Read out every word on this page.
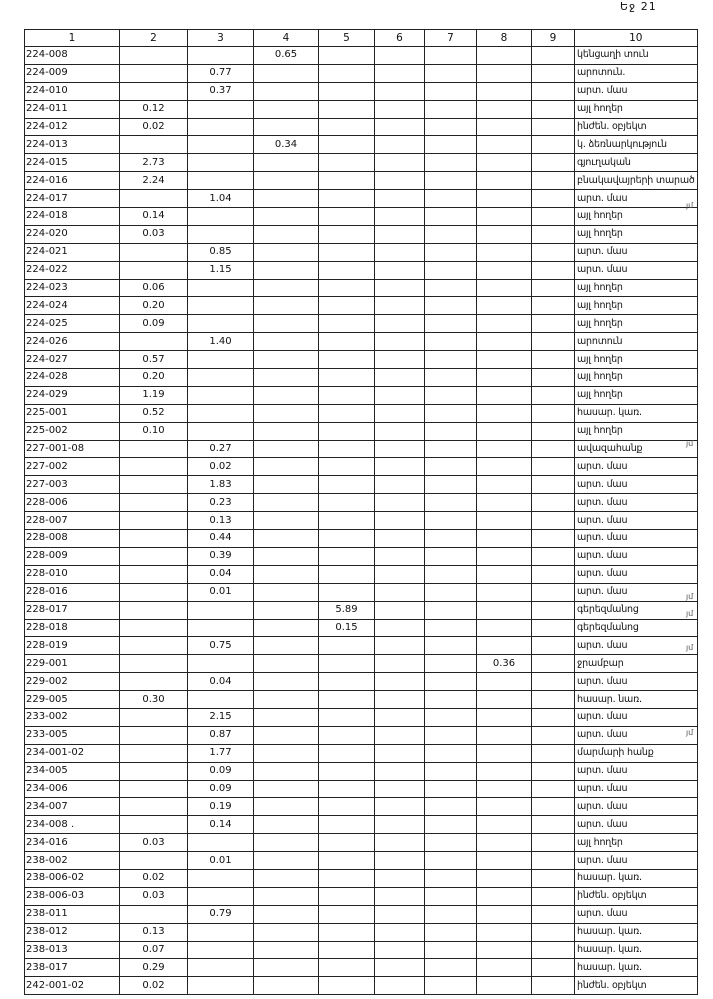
Եջ 21
1	2	3	4	5	6	7	8	9	10
224-008			0.65						կենցաղի տուն
224-009		0.77							արոտուն.
224-010		0.37							արտ. մաս
224-011	0.12								այլ հողեր
224-012	0.02								ինժեն. օբյեկտ
224-013			0.34						կ. ձեռնարկություն
224-015	2.73								գյուղական
224-016	2.24								բնակավայրերի տարած
224-017		1.04							արտ. մաս
224-018	0.14								այլ հողեր
224-020	0.03								այլ հողեր
224-021		0.85							արտ. մաս
224-022		1.15							արտ. մաս
224-023	0.06								այլ հողեր
224-024	0.20								այլ հողեր
224-025	0.09								այլ հողեր
224-026		1.40							արոտուն
224-027	0.57								այլ հողեր
224-028	0.20								այլ հողեր
224-029	1.19								այլ հողեր
225-001	0.52								հասար. կառ.
225-002	0.10								այլ հողեր
227-001-08		0.27							ավազահանք
227-002		0.02							արտ. մաս
227-003		1.83							արտ. մաս
228-006		0.23							արտ. մաս
228-007		0.13							արտ. մաս
228-008		0.44							արտ. մաս
228-009		0.39							արտ. մաս
228-010		0.04							արտ. մաս
228-016		0.01							արտ. մաս
228-017				5.89					գերեզմանոց
228-018				0.15					գերեզմանոց
228-019		0.75							արտ. մաս
229-001							0.36		ջրամբար
229-002		0.04							արտ. մաս
229-005	0.30								հասար. նառ.
233-002		2.15							արտ. մաս
233-005		0.87							արտ. մաս
234-001-02		1.77							մարմարի հանք
234-005		0.09							արտ. մաս
234-006		0.09							արտ. մաս
234-007		0.19							արտ. մաս
234-008 .		0.14							արտ. մաս
234-016	0.03								այլ հողեր
238-002		0.01							արտ. մաս
238-006-02	0.02								հասար. կառ.
238-006-03	0.03								ինժեն. օբյեկտ
238-011		0.79							արտ. մաս
238-012	0.13								հասար. կառ.
238-013	0.07								հասար. կառ.
238-017	0.29								հասար. կառ.
242-001-02	0.02								ինժեն. օբյեկտ
յմ
յմ
յմ
յմ
յմ
յմ
